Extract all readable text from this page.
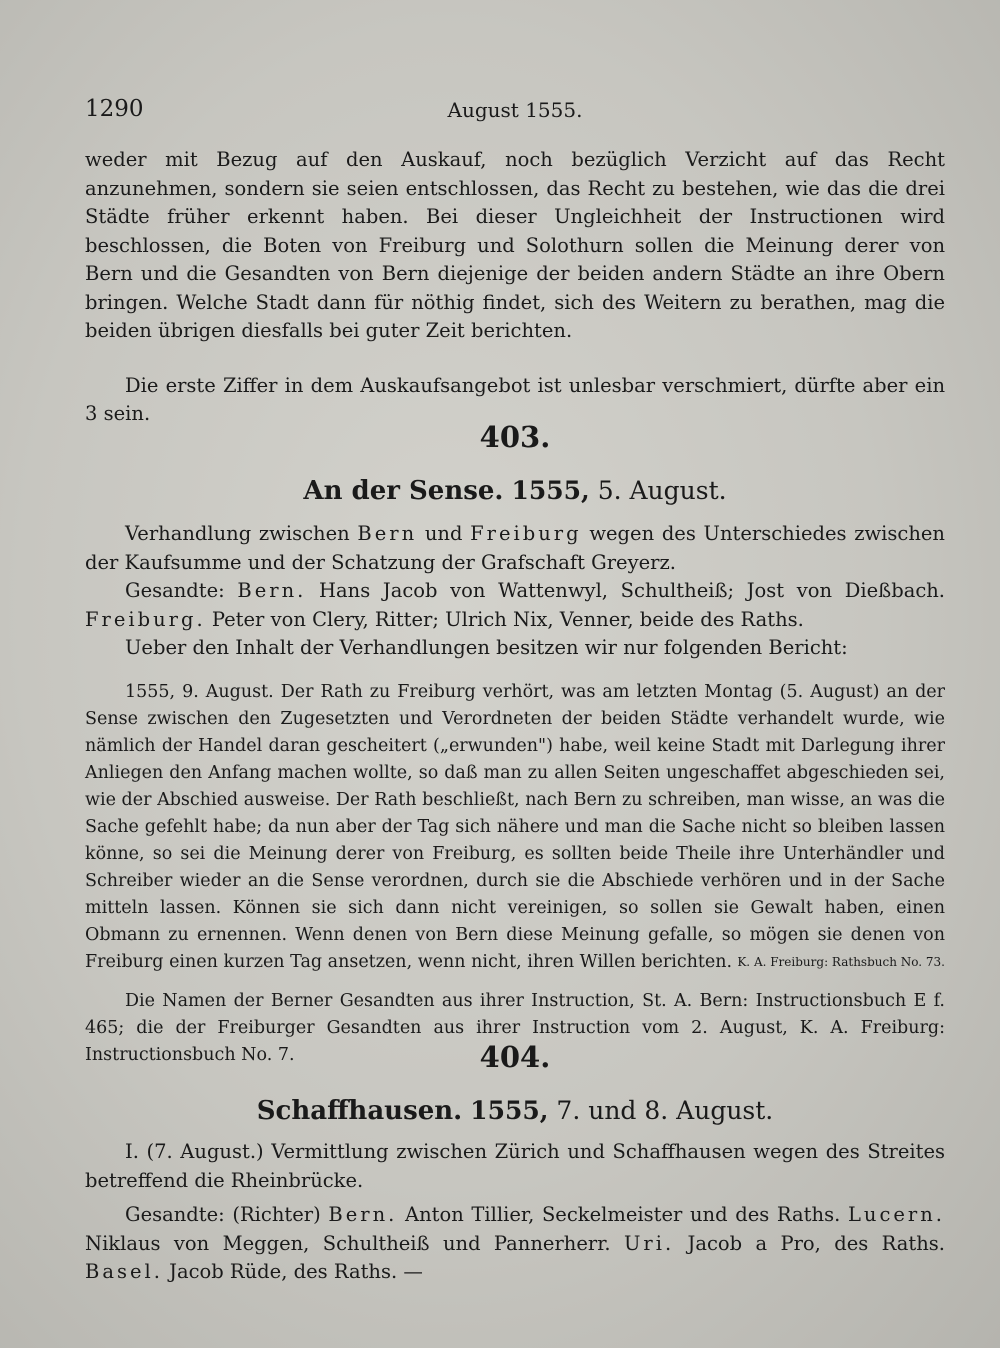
1290	August 1555.

weder mit Bezug auf den Auskauf, noch bezüglich Verzicht auf das Recht anzunehmen, sondern sie seien entschlossen, das Recht zu bestehen, wie das die drei Städte früher erkennt haben. Bei dieser Ungleichheit der Instructionen wird beschlossen, die Boten von Freiburg und Solothurn sollen die Meinung derer von Bern und die Gesandten von Bern diejenige der beiden andern Städte an ihre Obern bringen. Welche Stadt dann für nöthig findet, sich des Weitern zu berathen, mag die beiden übrigen diesfalls bei guter Zeit berichten.

Die erste Ziffer in dem Auskaufsangebot ist unlesbar verschmiert, dürfte aber ein 3 sein.

403.
An der Sense. 1555, 5. August.

Verhandlung zwischen Bern und Freiburg wegen des Unterschiedes zwischen der Kaufsumme und der Schatzung der Grafschaft Greyerz.

Gesandte: Bern. Hans Jacob von Wattenwyl, Schultheiß; Jost von Dießbach. Freiburg. Peter von Clery, Ritter; Ulrich Nix, Venner, beide des Raths.

Ueber den Inhalt der Verhandlungen besitzen wir nur folgenden Bericht:

1555, 9. August. Der Rath zu Freiburg verhört, was am letzten Montag (5. August) an der Sense zwischen den Zugesetzten und Verordneten der beiden Städte verhandelt wurde, wie nämlich der Handel daran gescheitert („erwunden") habe, weil keine Stadt mit Darlegung ihrer Anliegen den Anfang machen wollte, so daß man zu allen Seiten ungeschaffet abgeschieden sei, wie der Abschied ausweise. Der Rath beschließt, nach Bern zu schreiben, man wisse, an was die Sache gefehlt habe; da nun aber der Tag sich nähere und man die Sache nicht so bleiben lassen könne, so sei die Meinung derer von Freiburg, es sollten beide Theile ihre Unterhändler und Schreiber wieder an die Sense verordnen, durch sie die Abschiede verhören und in der Sache mitteln lassen. Können sie sich dann nicht vereinigen, so sollen sie Gewalt haben, einen Obmann zu ernennen. Wenn denen von Bern diese Meinung gefalle, so mögen sie denen von Freiburg einen kurzen Tag ansetzen, wenn nicht, ihren Willen berichten. K. A. Freiburg: Rathsbuch No. 73.

Die Namen der Berner Gesandten aus ihrer Instruction, St. A. Bern: Instructionsbuch E f. 465; die der Freiburger Gesandten aus ihrer Instruction vom 2. August, K. A. Freiburg: Instructionsbuch No. 7.	404.
Schaffhausen. 1555, 7. und 8. August.

I. (7. August.) Vermittlung zwischen Zürich und Schaffhausen wegen des Streites betreffend die Rheinbrücke.

Gesandte: (Richter) Bern. Anton Tillier, Seckelmeister und des Raths. Lucern. Niklaus von Meggen, Schultheiß und Pannerherr. Uri. Jacob a Pro, des Raths. Basel. Jacob Rüde, des Raths. —
